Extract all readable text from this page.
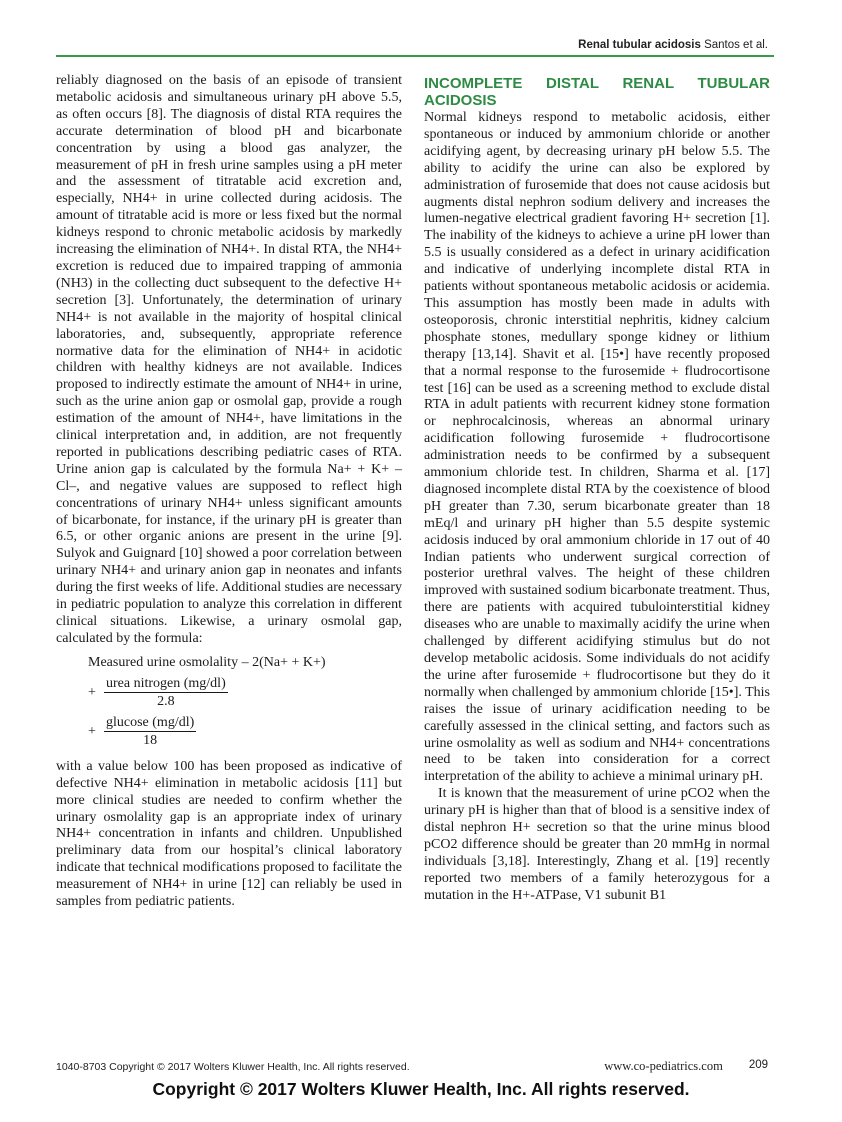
Renal tubular acidosis Santos et al.

reliably diagnosed on the basis of an episode of transient metabolic acidosis and simultaneous urinary pH above 5.5, as often occurs [8]. The diagnosis of distal RTA requires the accurate determination of blood pH and bicarbonate concentration by using a blood gas analyzer, the measurement of pH in fresh urine samples using a pH meter and the assessment of titratable acid excretion and, especially, NH4+ in urine collected during acidosis. The amount of titratable acid is more or less fixed but the normal kidneys respond to chronic metabolic acidosis by markedly increasing the elimination of NH4+. In distal RTA, the NH4+ excretion is reduced due to impaired trapping of ammonia (NH3) in the collecting duct subsequent to the defective H+ secretion [3]. Unfortunately, the determination of urinary NH4+ is not available in the majority of hospital clinical laboratories, and, subsequently, appropriate reference normative data for the elimination of NH4+ in acidotic children with healthy kidneys are not available. Indices proposed to indirectly estimate the amount of NH4+ in urine, such as the urine anion gap or osmolal gap, provide a rough estimation of the amount of NH4+, have limitations in the clinical interpretation and, in addition, are not frequently reported in publications describing pediatric cases of RTA. Urine anion gap is calculated by the formula Na+ + K+ – Cl–, and negative values are supposed to reflect high concentrations of urinary NH4+ unless significant amounts of bicarbonate, for instance, if the urinary pH is greater than 6.5, or other organic anions are present in the urine [9]. Sulyok and Guignard [10] showed a poor correlation between urinary NH4+ and urinary anion gap in neonates and infants during the first weeks of life. Additional studies are necessary in pediatric population to analyze this correlation in different clinical situations. Likewise, a urinary osmolal gap, calculated by the formula:

Measured urine osmolality – 2(Na+ + K+)
+ $\frac{\text{urea nitrogen (mg/dl)}}{2.8}$
+ $\frac{\text{glucose (mg/dl)}}{18}$

with a value below 100 has been proposed as indicative of defective NH4+ elimination in metabolic acidosis [11] but more clinical studies are needed to confirm whether the urinary osmolality gap is an appropriate index of urinary NH4+ concentration in infants and children. Unpublished preliminary data from our hospital’s clinical laboratory indicate that technical modifications proposed to facilitate the measurement of NH4+ in urine [12] can reliably be used in samples from pediatric patients.

INCOMPLETE DISTAL RENAL TUBULAR ACIDOSIS

Normal kidneys respond to metabolic acidosis, either spontaneous or induced by ammonium chloride or another acidifying agent, by decreasing urinary pH below 5.5. The ability to acidify the urine can also be explored by administration of furosemide that does not cause acidosis but augments distal nephron sodium delivery and increases the lumen-negative electrical gradient favoring H+ secretion [1]. The inability of the kidneys to achieve a urine pH lower than 5.5 is usually considered as a defect in urinary acidification and indicative of underlying incomplete distal RTA in patients without spontaneous metabolic acidosis or acidemia. This assumption has mostly been made in adults with osteoporosis, chronic interstitial nephritis, kidney calcium phosphate stones, medullary sponge kidney or lithium therapy [13,14]. Shavit et al. [15•] have recently proposed that a normal response to the furosemide + fludrocortisone test [16] can be used as a screening method to exclude distal RTA in adult patients with recurrent kidney stone formation or nephrocalcinosis, whereas an abnormal urinary acidification following furosemide + fludrocortisone administration needs to be confirmed by a subsequent ammonium chloride test. In children, Sharma et al. [17] diagnosed incomplete distal RTA by the coexistence of blood pH greater than 7.30, serum bicarbonate greater than 18 mEq/l and urinary pH higher than 5.5 despite systemic acidosis induced by oral ammonium chloride in 17 out of 40 Indian patients who underwent surgical correction of posterior urethral valves. The height of these children improved with sustained sodium bicarbonate treatment. Thus, there are patients with acquired tubulointerstitial kidney diseases who are unable to maximally acidify the urine when challenged by different acidifying stimulus but do not develop metabolic acidosis. Some individuals do not acidify the urine after furosemide + fludrocortisone but they do it normally when challenged by ammonium chloride [15•]. This raises the issue of urinary acidification needing to be carefully assessed in the clinical setting, and factors such as urine osmolality as well as sodium and NH4+ concentrations need to be taken into consideration for a correct interpretation of the ability to achieve a minimal urinary pH.

It is known that the measurement of urine pCO2 when the urinary pH is higher than that of blood is a sensitive index of distal nephron H+ secretion so that the urine minus blood pCO2 difference should be greater than 20 mmHg in normal individuals [3,18]. Interestingly, Zhang et al. [19] recently reported two members of a family heterozygous for a mutation in the H+-ATPase, V1 subunit B1

1040-8703 Copyright © 2017 Wolters Kluwer Health, Inc. All rights reserved.	www.co-pediatrics.com 209
Copyright © 2017 Wolters Kluwer Health, Inc. All rights reserved.
